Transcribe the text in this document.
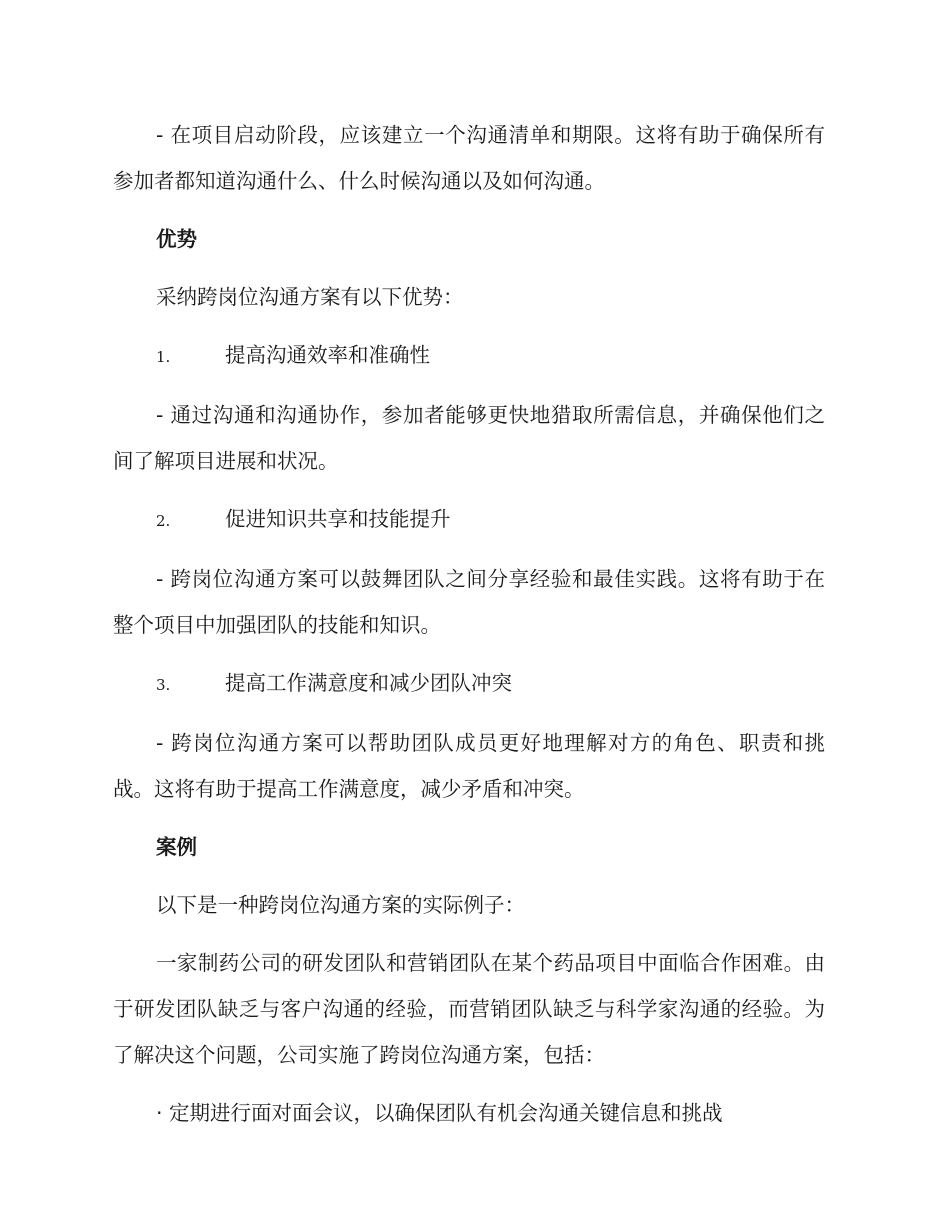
- 在项目启动阶段，应该建立一个沟通清单和期限。这将有助于确保所有参加者都知道沟通什么、什么时候沟通以及如何沟通。

优势

采纳跨岗位沟通方案有以下优势：

1.	提高沟通效率和准确性

- 通过沟通和沟通协作，参加者能够更快地猎取所需信息，并确保他们之间了解项目进展和状况。

2.	促进知识共享和技能提升

- 跨岗位沟通方案可以鼓舞团队之间分享经验和最佳实践。这将有助于在整个项目中加强团队的技能和知识。

3.	提高工作满意度和减少团队冲突

- 跨岗位沟通方案可以帮助团队成员更好地理解对方的角色、职责和挑战。这将有助于提高工作满意度，减少矛盾和冲突。

案例

以下是一种跨岗位沟通方案的实际例子：

一家制药公司的研发团队和营销团队在某个药品项目中面临合作困难。由于研发团队缺乏与客户沟通的经验，而营销团队缺乏与科学家沟通的经验。为了解决这个问题，公司实施了跨岗位沟通方案，包括：

· 定期进行面对面会议，以确保团队有机会沟通关键信息和挑战
